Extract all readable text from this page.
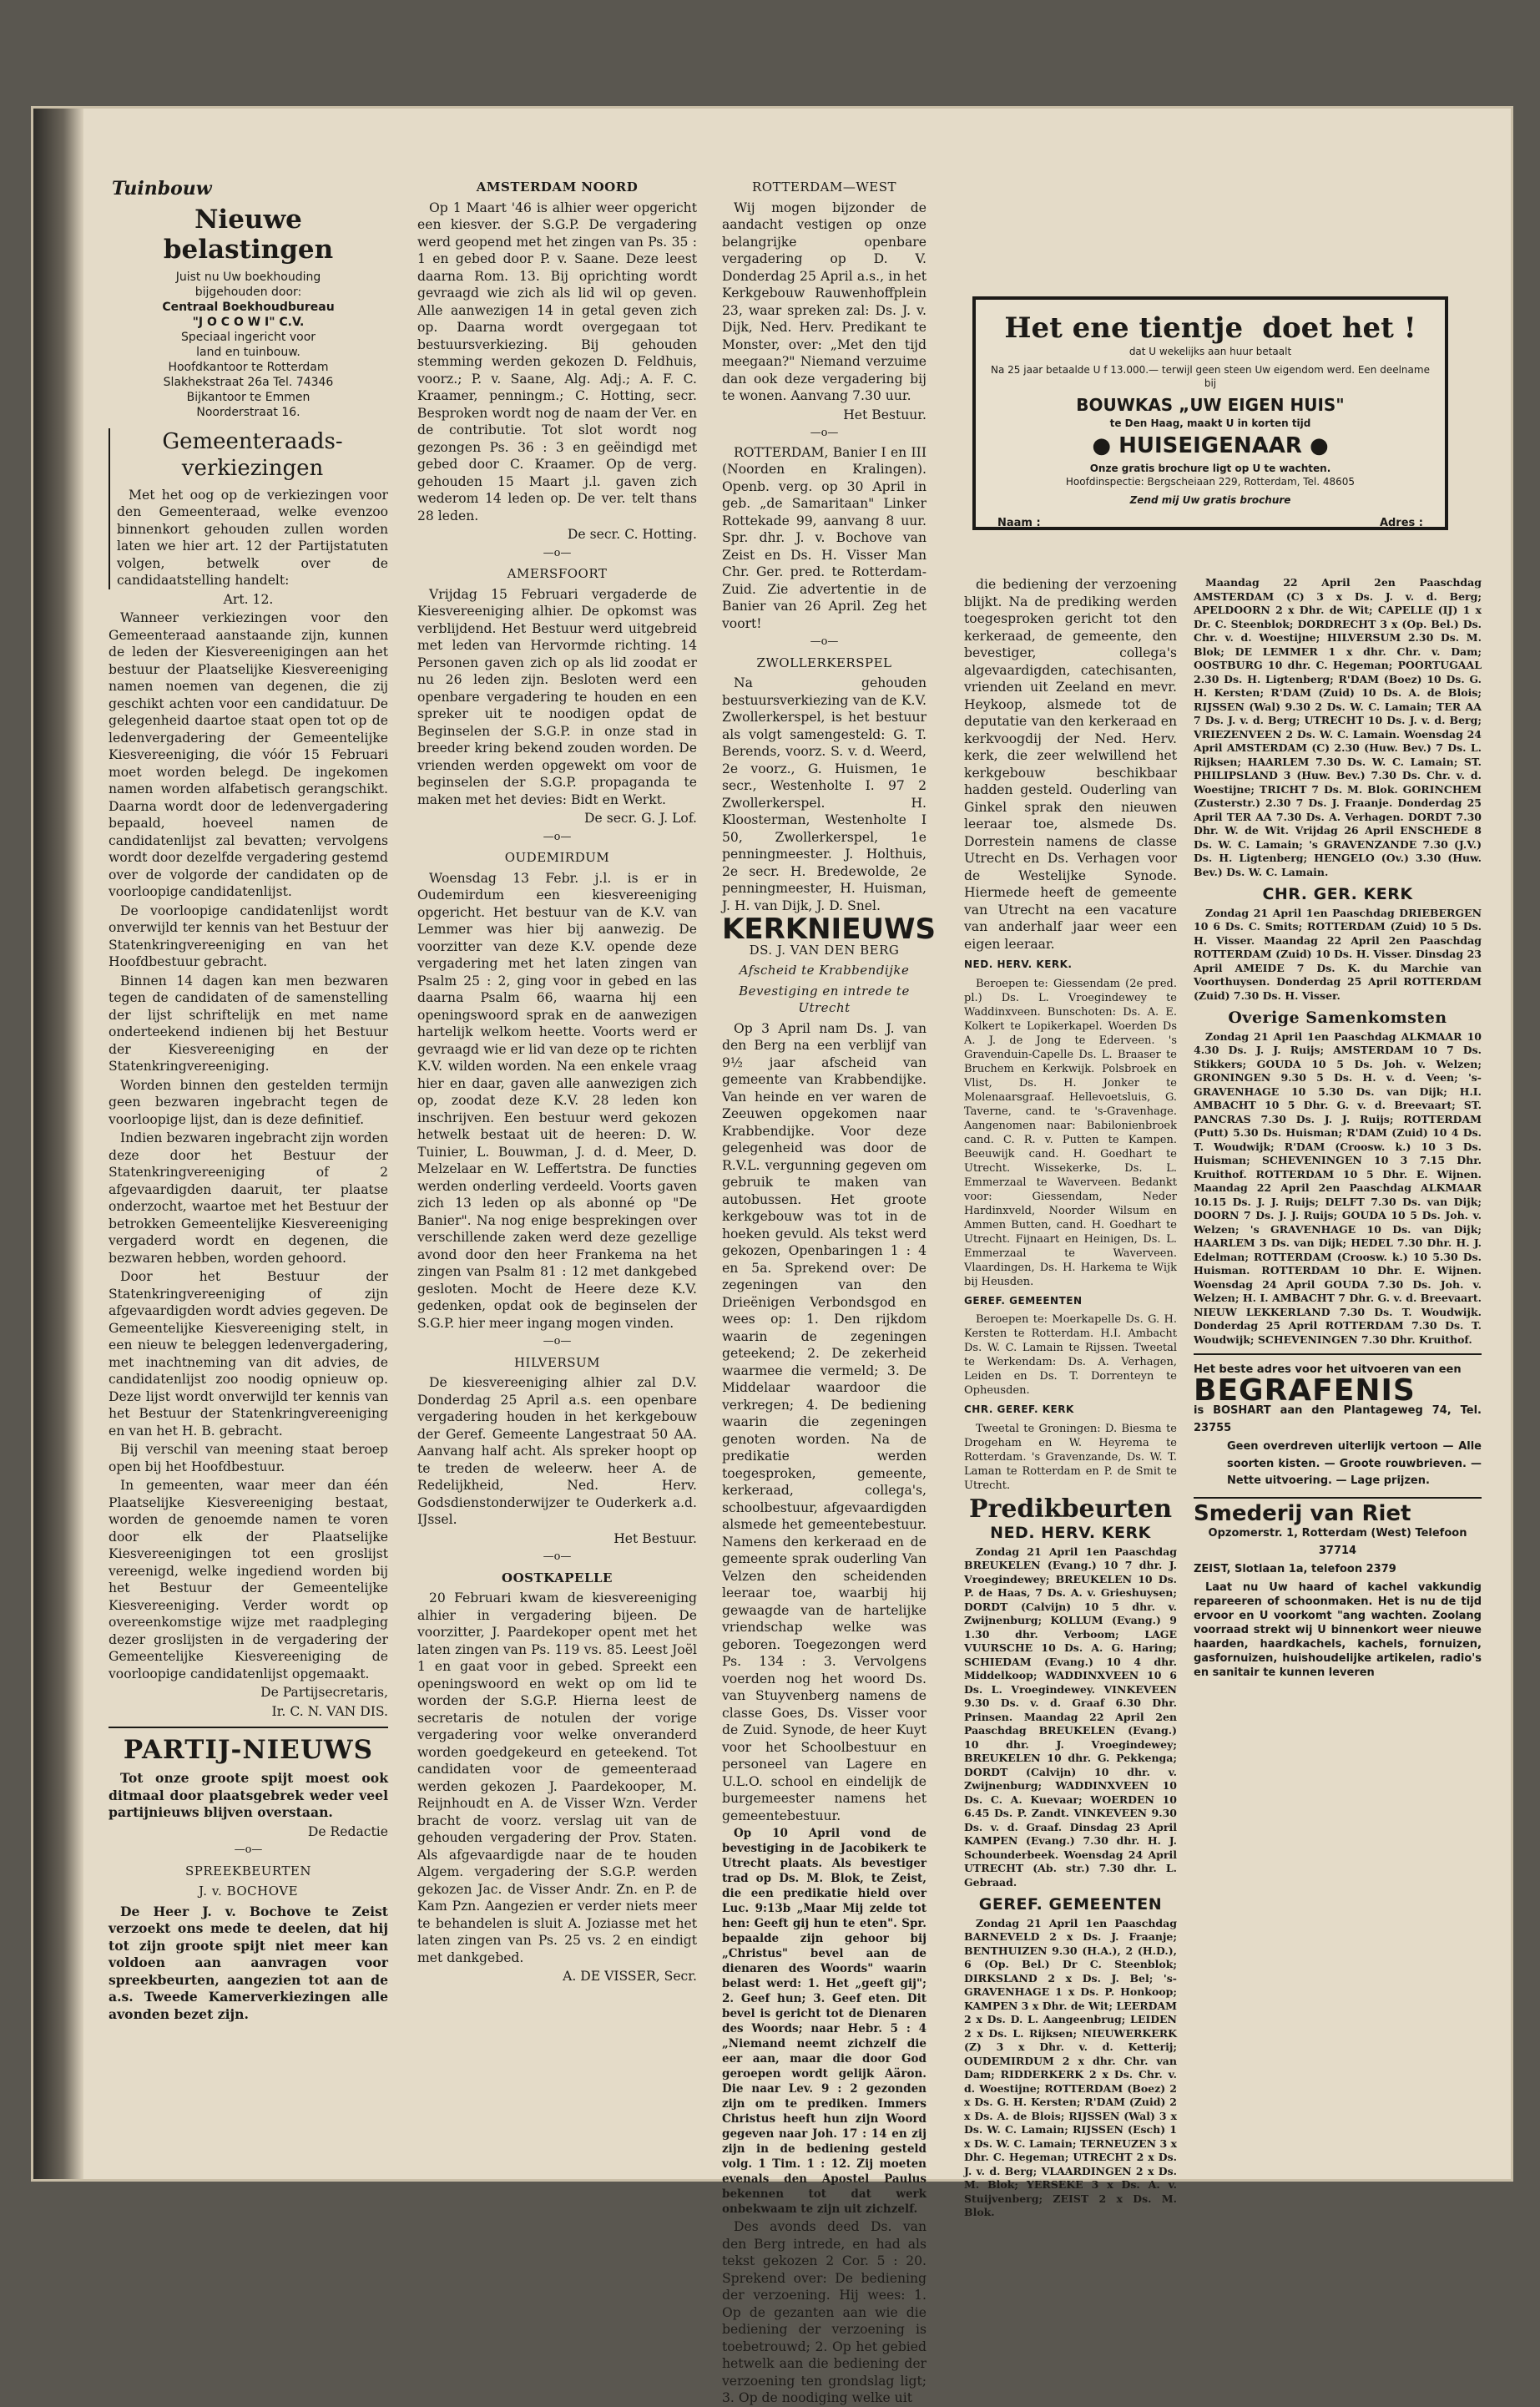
Tuinbouw
Nieuwe belastingen
Juist nu Uw boekhouding
bijgehouden door:
Centraal Boekhoudbureau
"J O C O W I" C.V.
Speciaal ingericht voor
land en tuinbouw.
Hoofdkantoor te Rotterdam
Slakhekstraat 26a Tel. 74346
Bijkantoor te Emmen
Noorderstraat 16.
Gemeenteraads-
verkiezingen

Met het oog op de verkiezingen voor den Gemeenteraad, welke evenzoo binnenkort gehouden zullen worden laten we hier art. 12 der Partijstatuten volgen, betwelk over de candidaatstelling handelt:

Art. 12.

Wanneer verkiezingen voor den Gemeenteraad aanstaande zijn, kunnen de leden der Kiesvereenigingen aan het bestuur der Plaatselijke Kiesvereeniging namen noemen van degenen, die zij geschikt achten voor een candidatuur. De gelegenheid daartoe staat open tot op de ledenvergadering der Gemeentelijke Kiesvereeniging, die vóór 15 Februari moet worden belegd. De ingekomen namen worden alfabetisch gerangschikt. Daarna wordt door de ledenvergadering bepaald, hoeveel namen de candidatenlijst zal bevatten; vervolgens wordt door dezelfde vergadering gestemd over de volgorde der candidaten op de voorloopige candidatenlijst.

De voorloopige candidatenlijst wordt onverwijld ter kennis van het Bestuur der Statenkringvereeniging en van het Hoofdbestuur gebracht.

Binnen 14 dagen kan men bezwaren tegen de candidaten of de samenstelling der lijst schriftelijk en met name onderteekend indienen bij het Bestuur der Kiesvereeniging en der Statenkringvereeniging.

Worden binnen den gestelden termijn geen bezwaren ingebracht tegen de voorloopige lijst, dan is deze definitief.

Indien bezwaren ingebracht zijn worden deze door het Bestuur der Statenkringvereeniging of 2 afgevaardigden daaruit, ter plaatse onderzocht, waartoe met het Bestuur der betrokken Gemeentelijke Kiesvereeniging vergaderd wordt en degenen, die bezwaren hebben, worden gehoord.

Door het Bestuur der Statenkringvereeniging of zijn afgevaardigden wordt advies gegeven. De Gemeentelijke Kiesvereeniging stelt, in een nieuw te beleggen ledenvergadering, met inachtneming van dit advies, de candidatenlijst zoo noodig opnieuw op. Deze lijst wordt onverwijld ter kennis van het Bestuur der Statenkringvereeniging en van het H. B. gebracht.

Bij verschil van meening staat beroep open bij het Hoofdbestuur.

In gemeenten, waar meer dan één Plaatselijke Kiesvereeniging bestaat, worden de genoemde namen te voren door elk der Plaatselijke Kiesvereenigingen tot een groslijst vereenigd, welke ingediend worden bij het Bestuur der Gemeentelijke Kiesvereeniging. Verder wordt op overeenkomstige wijze met raadpleging dezer groslijsten in de vergadering der Gemeentelijke Kiesvereeniging de voorloopige candidatenlijst opgemaakt.

De Partijsecretaris,

Ir. C. N. VAN DIS.

PARTIJ-NIEUWS

Tot onze groote spijt moest ook ditmaal door plaatsgebrek weder veel partijnieuws blijven overstaan.

De Redactie

—o—
SPREEKBEURTEN
J. v. BOCHOVE

De Heer J. v. Bochove te Zeist verzoekt ons mede te deelen, dat hij tot zijn groote spijt niet meer kan voldoen aan aanvragen voor spreekbeurten, aangezien tot aan de a.s. Tweede Kamerverkiezingen alle avonden bezet zijn.

AMSTERDAM NOORD

Op 1 Maart '46 is alhier weer opgericht een kiesver. der S.G.P. De vergadering werd geopend met het zingen van Ps. 35 : 1 en gebed door P. v. Saane. Deze leest daarna Rom. 13. Bij oprichting wordt gevraagd wie zich als lid wil op geven. Alle aanwezigen 14 in getal geven zich op. Daarna wordt overgegaan tot bestuursverkiezing. Bij gehouden stemming werden gekozen D. Feldhuis, voorz.; P. v. Saane, Alg. Adj.; A. F. C. Kraamer, penningm.; C. Hotting, secr. Besproken wordt nog de naam der Ver. en de contributie. Tot slot wordt nog gezongen Ps. 36 : 3 en geëindigd met gebed door C. Kraamer. Op de verg. gehouden 15 Maart j.l. gaven zich wederom 14 leden op. De ver. telt thans 28 leden.

De secr. C. Hotting.

—o—
AMERSFOORT

Vrijdag 15 Februari vergaderde de Kiesvereeniging alhier. De opkomst was verblijdend. Het Bestuur werd uitgebreid met leden van Hervormde richting. 14 Personen gaven zich op als lid zoodat er nu 26 leden zijn. Besloten werd een openbare vergadering te houden en een spreker uit te noodigen opdat de Beginselen der S.G.P. in onze stad in breeder kring bekend zouden worden. De vrienden werden opgewekt om voor de beginselen der S.G.P. propaganda te maken met het devies: Bidt en Werkt.

De secr. G. J. Lof.

—o—
OUDEMIRDUM

Woensdag 13 Febr. j.l. is er in Oudemirdum een kiesvereeniging opgericht. Het bestuur van de K.V. van Lemmer was hier bij aanwezig. De voorzitter van deze K.V. opende deze vergadering met het laten zingen van Psalm 25 : 2, ging voor in gebed en las daarna Psalm 66, waarna hij een openingswoord sprak en de aanwezigen hartelijk welkom heette. Voorts werd er gevraagd wie er lid van deze op te richten K.V. wilden worden. Na een enkele vraag hier en daar, gaven alle aanwezigen zich op, zoodat deze K.V. 28 leden kon inschrijven. Een bestuur werd gekozen hetwelk bestaat uit de heeren: D. W. Tuinier, L. Bouwman, J. d. d. Meer, D. Melzelaar en W. Leffertstra. De functies werden onderling verdeeld. Voorts gaven zich 13 leden op als abonné op "De Banier". Na nog enige besprekingen over verschillende zaken werd deze gezellige avond door den heer Frankema na het zingen van Psalm 81 : 12 met dankgebed gesloten. Mocht de Heere deze K.V. gedenken, opdat ook de beginselen der S.G.P. hier meer ingang mogen vinden.

—o—
HILVERSUM

De kiesvereeniging alhier zal D.V. Donderdag 25 April a.s. een openbare vergadering houden in het kerkgebouw der Geref. Gemeente Langestraat 50 AA. Aanvang half acht. Als spreker hoopt op te treden de weleerw. heer A. de Redelijkheid, Ned. Herv. Godsdienstonderwijzer te Ouderkerk a.d. IJssel.

Het Bestuur.

—o—
OOSTKAPELLE

20 Februari kwam de kiesvereeniging alhier in vergadering bijeen. De voorzitter, J. Paardekoper opent met het laten zingen van Ps. 119 vs. 85. Leest Joël 1 en gaat voor in gebed. Spreekt een openingswoord en wekt op om lid te worden der S.G.P. Hierna leest de secretaris de notulen der vorige vergadering voor welke onveranderd worden goedgekeurd en geteekend. Tot candidaten voor de gemeenteraad werden gekozen J. Paardekooper, M. Reijnhoudt en A. de Visser Wzn. Verder bracht de voorz. verslag uit van de gehouden vergadering der Prov. Staten. Als afgevaardigde naar de te houden Algem. vergadering der S.G.P. werden gekozen Jac. de Visser Andr. Zn. en P. de Kam Pzn. Aangezien er verder niets meer te behandelen is sluit A. Joziasse met het laten zingen van Ps. 25 vs. 2 en eindigt met dankgebed.

A. DE VISSER, Secr.

ROTTERDAM—WEST

Wij mogen bijzonder de aandacht vestigen op onze belangrijke openbare vergadering op D. V. Donderdag 25 April a.s., in het Kerkgebouw Rauwenhoffplein 23, waar spreken zal: Ds. J. v. Dijk, Ned. Herv. Predikant te Monster, over: „Met den tijd meegaan?" Niemand verzuime dan ook deze vergadering bij te wonen. Aanvang 7.30 uur.

Het Bestuur.

—o—

ROTTERDAM, Banier I en III (Noorden en Kralingen). Openb. verg. op 30 April in geb. „de Samaritaan" Linker Rottekade 99, aanvang 8 uur. Spr. dhr. J. v. Bochove van Zeist en Ds. H. Visser Man Chr. Ger. pred. te Rotterdam-Zuid. Zie advertentie in de Banier van 26 April. Zeg het voort!

—o—
ZWOLLERKERSPEL

Na gehouden bestuursverkiezing van de K.V. Zwollerkerspel, is het bestuur als volgt samengesteld: G. T. Berends, voorz. S. v. d. Weerd, 2e voorz., G. Huismen, 1e secr., Westenholte I. 97 2 Zwollerkerspel. H. Kloosterman, Westenholte I 50, Zwollerkerspel, 1e penningmeester. J. Holthuis, 2e secr. H. Bredewolde, 2e penningmeester, H. Huisman, J. H. van Dijk, J. D. Snel.

KERKNIEUWS
DS. J. VAN DEN BERG
Afscheid te Krabbendijke
Bevestiging en intrede te Utrecht

Op 3 April nam Ds. J. van den Berg na een verblijf van 9½ jaar afscheid van gemeente van Krabbendijke. Van heinde en ver waren de Zeeuwen opgekomen naar Krabbendijke. Voor deze gelegenheid was door de R.V.L. vergunning gegeven om gebruik te maken van autobussen. Het groote kerkgebouw was tot in de hoeken gevuld. Als tekst werd gekozen, Openbaringen 1 : 4 en 5a. Sprekend over: De zegeningen van den Drieënigen Verbondsgod en wees op: 1. Den rijkdom waarin de zegeningen geteekend; 2. De zekerheid waarmee die vermeld; 3. De Middelaar waardoor die verkregen; 4. De bediening waarin die zegeningen genoten worden. Na de predikatie werden toegesproken, gemeente, kerkeraad, collega's, schoolbestuur, afgevaardigden alsmede het gemeentebestuur. Namens den kerkeraad en de gemeente sprak ouderling Van Velzen den scheidenden leeraar toe, waarbij hij gewaagde van de hartelijke vriendschap welke was geboren. Toegezongen werd Ps. 134 : 3. Vervolgens voerden nog het woord Ds. van Stuyvenberg namens de classe Goes, Ds. Visser voor de Zuid. Synode, de heer Kuyt voor het Schoolbestuur en personeel van Lagere en U.L.O. school en eindelijk de burgemeester namens het gemeentebestuur.

Op 10 April vond de bevestiging in de Jacobikerk te Utrecht plaats. Als bevestiger trad op Ds. M. Blok, te Zeist, die een predikatie hield over Luc. 9:13b „Maar Mij zelde tot hen: Geeft gij hun te eten". Spr. bepaalde zijn gehoor bij „Christus" bevel aan de dienaren des Woords" waarin belast werd: 1. Het „geeft gij"; 2. Geef hun; 3. Geef eten. Dit bevel is gericht tot de Dienaren des Woords; naar Hebr. 5 : 4 „Niemand neemt zichzelf die eer aan, maar die door God geroepen wordt gelijk Aäron. Die naar Lev. 9 : 2 gezonden zijn om te prediken. Immers Christus heeft hun zijn Woord gegeven naar Joh. 17 : 14 en zij zijn in de bediening gesteld volg. 1 Tim. 1 : 12. Zij moeten evenals den Apostel Paulus bekennen tot dat werk onbekwaam te zijn uit zichzelf.

Des avonds deed Ds. van den Berg intrede, en had als tekst gekozen 2 Cor. 5 : 20. Sprekend over: De bediening der verzoening. Hij wees: 1. Op de gezanten aan wie die bediening der verzoening is toebetrouwd; 2. Op het gebied hetwelk aan die bediening der verzoening ten grondslag ligt; 3. Op de noodiging welke uit

Het ene tientje doet het !
dat U wekelijks aan huur betaalt
Na 25 jaar betaalde U f 13.000.— terwijl geen steen Uw eigendom werd. Een deelname bij
BOUWKAS „UW EIGEN HUIS"
te Den Haag, maakt U in korten tijd
● HUISEIGENAAR ●
Onze gratis brochure ligt op U te wachten.
Hoofdinspectie: Bergscheiaan 229, Rotterdam, Tel. 48605
Zend mij Uw gratis brochure
Naam :	Adres :

die bediening der verzoening blijkt. Na de prediking werden toegesproken gericht tot den kerkeraad, de gemeente, den bevestiger, collega's algevaardigden, catechisanten, vrienden uit Zeeland en mevr. Heykoop, alsmede tot de deputatie van den kerkeraad en kerkvoogdij der Ned. Herv. kerk, die zeer welwillend het kerkgebouw beschikbaar hadden gesteld. Ouderling van Ginkel sprak den nieuwen leeraar toe, alsmede Ds. Dorrestein namens de classe Utrecht en Ds. Verhagen voor de Westelijke Synode. Hiermede heeft de gemeente van Utrecht na een vacature van anderhalf jaar weer een eigen leeraar.

NED. HERV. KERK.

Beroepen te: Giessendam (2e pred. pl.) Ds. L. Vroegindewey te Waddinxveen. Bunschoten: Ds. A. E. Kolkert te Lopikerkapel. Woerden Ds A. J. de Jong te Ederveen. 's Gravenduin-Capelle Ds. L. Braaser te Bruchem en Kerkwijk. Polsbroek en Vlist, Ds. H. Jonker te Molenaarsgraaf. Hellevoetsluis, G. Taverne, cand. te 's-Gravenhage. Aangenomen naar: Babilonienbroek cand. C. R. v. Putten te Kampen. Beeuwijk cand. H. Goedhart te Utrecht. Wissekerke, Ds. L. Emmerzaal te Waverveen. Bedankt voor: Giessendam, Neder Hardinxveld, Noorder Wilsum en Ammen Butten, cand. H. Goedhart te Utrecht. Fijnaart en Heinigen, Ds. L. Emmerzaal te Waverveen. Vlaardingen, Ds. H. Harkema te Wijk bij Heusden.

GEREF. GEMEENTEN

Beroepen te: Moerkapelle Ds. G. H. Kersten te Rotterdam. H.I. Ambacht Ds. W. C. Lamain te Rijssen. Tweetal te Werkendam: Ds. A. Verhagen, Leiden en Ds. T. Dorrenteyn te Opheusden.

CHR. GEREF. KERK

Tweetal te Groningen: D. Biesma te Drogeham en W. Heyrema te Rotterdam. 's Gravenzande, Ds. W. T. Laman te Rotterdam en P. de Smit te Utrecht.

Predikbeurten
NED. HERV. KERK

Zondag 21 April 1en Paaschdag BREUKELEN (Evang.) 10 7 dhr. J. Vroegindewey; BREUKELEN 10 Ds. P. de Haas, 7 Ds. A. v. Grieshuysen; DORDT (Calvijn) 10 5 dhr. v. Zwijnenburg; KOLLUM (Evang.) 9 1.30 dhr. Verboom; LAGE VUURSCHE 10 Ds. A. G. Haring; SCHIEDAM (Evang.) 10 4 dhr. Middelkoop; WADDINXVEEN 10 6 Ds. L. Vroegindewey. VINKEVEEN 9.30 Ds. v. d. Graaf 6.30 Dhr. Prinsen. Maandag 22 April 2en Paaschdag BREUKELEN (Evang.) 10 dhr. J. Vroegindewey; BREUKELEN 10 dhr. G. Pekkenga; DORDT (Calvijn) 10 dhr. v. Zwijnenburg; WADDINXVEEN 10 Ds. C. A. Kuevaar; WOERDEN 10 6.45 Ds. P. Zandt. VINKEVEEN 9.30 Ds. v. d. Graaf. Dinsdag 23 April KAMPEN (Evang.) 7.30 dhr. H. J. Schounderbeek. Woensdag 24 April UTRECHT (Ab. str.) 7.30 dhr. L. Gebraad.

GEREF. GEMEENTEN

Zondag 21 April 1en Paaschdag BARNEVELD 2 x Ds. J. Fraanje; BENTHUIZEN 9.30 (H.A.), 2 (H.D.), 6 (Op. Bel.) Dr C. Steenblok; DIRKSLAND 2 x Ds. J. Bel; 's-GRAVENHAGE 1 x Ds. P. Honkoop; KAMPEN 3 x Dhr. de Wit; LEERDAM 2 x Ds. D. L. Aangeenbrug; LEIDEN 2 x Ds. L. Rijksen; NIEUWERKERK (Z) 3 x Dhr. v. d. Ketterij; OUDEMIRDUM 2 x dhr. Chr. van Dam; RIDDERKERK 2 x Ds. Chr. v. d. Woestijne; ROTTERDAM (Boez) 2 x Ds. G. H. Kersten; R'DAM (Zuid) 2 x Ds. A. de Blois; RIJSSEN (Wal) 3 x Ds. W. C. Lamain; RIJSSEN (Esch) 1 x Ds. W. C. Lamain; TERNEUZEN 3 x Dhr. C. Hegeman; UTRECHT 2 x Ds. J. v. d. Berg; VLAARDINGEN 2 x Ds. M. Blok; YERSEKE 3 x Ds. A. v. Stuijvenberg; ZEIST 2 x Ds. M. Blok.

Maandag 22 April 2en Paaschdag AMSTERDAM (C) 3 x Ds. J. v. d. Berg; APELDOORN 2 x Dhr. de Wit; CAPELLE (IJ) 1 x Dr. C. Steenblok; DORDRECHT 3 x (Op. Bel.) Ds. Chr. v. d. Woestijne; HILVERSUM 2.30 Ds. M. Blok; DE LEMMER 1 x dhr. Chr. v. Dam; OOSTBURG 10 dhr. C. Hegeman; POORTUGAAL 2.30 Ds. H. Ligtenberg; R'DAM (Boez) 10 Ds. G. H. Kersten; R'DAM (Zuid) 10 Ds. A. de Blois; RIJSSEN (Wal) 9.30 2 Ds. W. C. Lamain; TER AA 7 Ds. J. v. d. Berg; UTRECHT 10 Ds. J. v. d. Berg; VRIEZENVEEN 2 Ds. W. C. Lamain. Woensdag 24 April AMSTERDAM (C) 2.30 (Huw. Bev.) 7 Ds. L. Rijksen; HAARLEM 7.30 Ds. W. C. Lamain; ST. PHILIPSLAND 3 (Huw. Bev.) 7.30 Ds. Chr. v. d. Woestijne; TRICHT 7 Ds. M. Blok. GORINCHEM (Zusterstr.) 2.30 7 Ds. J. Fraanje. Donderdag 25 April TER AA 7.30 Ds. A. Verhagen. DORDT 7.30 Dhr. W. de Wit. Vrijdag 26 April ENSCHEDE 8 Ds. W. C. Lamain; 's GRAVENZANDE 7.30 (J.V.) Ds. H. Ligtenberg; HENGELO (Ov.) 3.30 (Huw. Bev.) Ds. W. C. Lamain.

CHR. GER. KERK

Zondag 21 April 1en Paaschdag DRIEBERGEN 10 6 Ds. C. Smits; ROTTERDAM (Zuid) 10 5 Ds. H. Visser. Maandag 22 April 2en Paaschdag ROTTERDAM (Zuid) 10 Ds. H. Visser. Dinsdag 23 April AMEIDE 7 Ds. K. du Marchie van Voorthuysen. Donderdag 25 April ROTTERDAM (Zuid) 7.30 Ds. H. Visser.

Overige Samenkomsten

Zondag 21 April 1en Paaschdag ALKMAAR 10 4.30 Ds. J. J. Ruijs; AMSTERDAM 10 7 Ds. Stikkers; GOUDA 10 5 Ds. Joh. v. Welzen; GRONINGEN 9.30 5 Ds. H. v. d. Veen; 's-GRAVENHAGE 10 5.30 Ds. van Dijk; H.I. AMBACHT 10 5 Dhr. G. v. d. Breevaart; ST. PANCRAS 7.30 Ds. J. J. Ruijs; ROTTERDAM (Putt) 5.30 Ds. Huisman; R'DAM (Zuid) 10 4 Ds. T. Woudwijk; R'DAM (Croosw. k.) 10 3 Ds. Huisman; SCHEVENINGEN 10 3 7.15 Dhr. Kruithof. ROTTERDAM 10 5 Dhr. E. Wijnen. Maandag 22 April 2en Paaschdag ALKMAAR 10.15 Ds. J. J. Ruijs; DELFT 7.30 Ds. van Dijk; DOORN 7 Ds. J. J. Ruijs; GOUDA 10 5 Ds. Joh. v. Welzen; 's GRAVENHAGE 10 Ds. van Dijk; HAARLEM 3 Ds. van Dijk; HEDEL 7.30 Dhr. H. J. Edelman; ROTTERDAM (Croosw. k.) 10 5.30 Ds. Huisman. ROTTERDAM 10 Dhr. E. Wijnen. Woensdag 24 April GOUDA 7.30 Ds. Joh. v. Welzen; H. I. AMBACHT 7 Dhr. G. v. d. Breevaart. NIEUW LEKKERLAND 7.30 Ds. T. Woudwijk. Donderdag 25 April ROTTERDAM 7.30 Ds. T. Woudwijk; SCHEVENINGEN 7.30 Dhr. Kruithof.

Het beste adres voor het uitvoeren van een

BEGRAFENIS

is BOSHART aan den Plantageweg 74, Tel. 23755

Geen overdreven uiterlijk vertoon — Alle soorten kisten. — Groote rouwbrieven. — Nette uitvoering. — Lage prijzen.

Smederij van Riet

Opzomerstr. 1, Rotterdam (West) Telefoon 37714

ZEIST, Slotlaan 1a, telefoon 2379

Laat nu Uw haard of kachel vakkundig repareeren of schoonmaken. Het is nu de tijd ervoor en U voorkomt "ang wachten. Zoolang voorraad strekt wij U binnenkort weer nieuwe haarden, haardkachels, kachels, fornuizen, gasfornuizen, huishoudelijke artikelen, radio's en sanitair te kunnen leveren
